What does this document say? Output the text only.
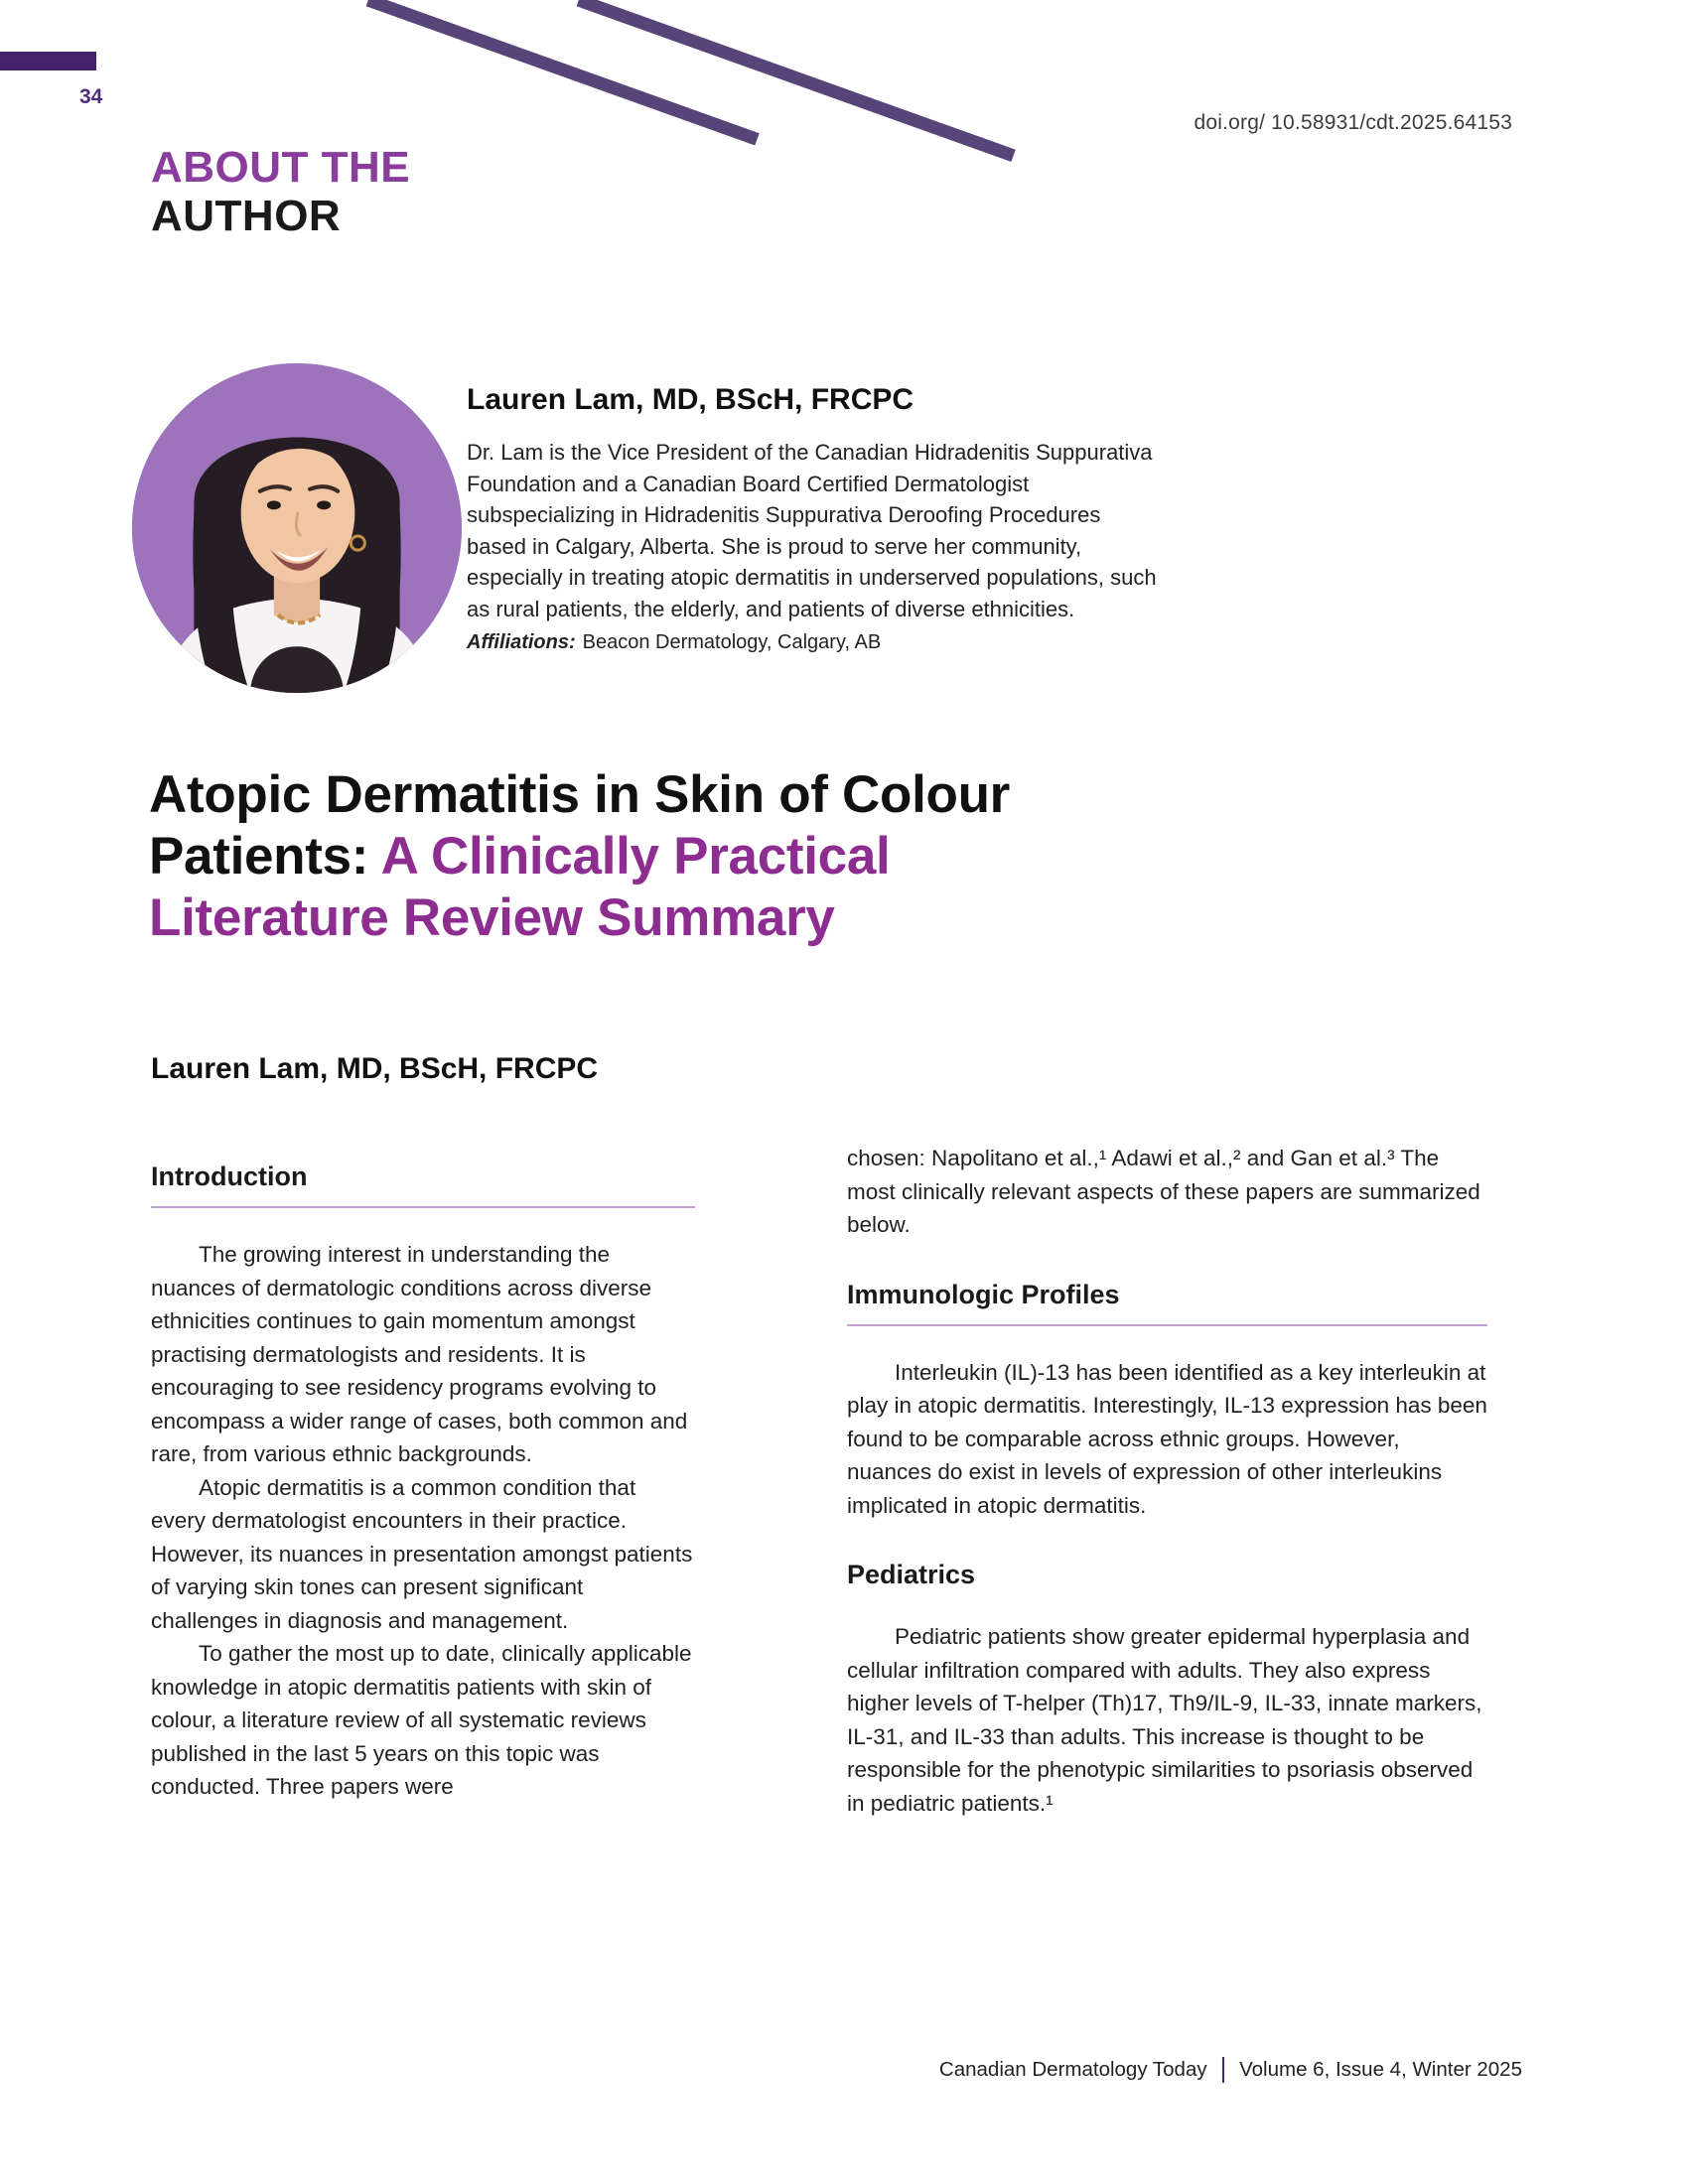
34
doi.org/ 10.58931/cdt.2025.64153
ABOUT THE
AUTHOR
Lauren Lam, MD, BScH, FRCPC

Dr. Lam is the Vice President of the Canadian Hidradenitis Suppurativa Foundation and a Canadian Board Certified Dermatologist subspecializing in Hidradenitis Suppurativa Deroofing Procedures based in Calgary, Alberta. She is proud to serve her community, especially in treating atopic dermatitis in underserved populations, such as rural patients, the elderly, and patients of diverse ethnicities.

Affiliations: Beacon Dermatology, Calgary, AB

Atopic Dermatitis in Skin of Colour
Patients: A Clinically Practical
Literature Review Summary
Lauren Lam, MD, BScH, FRCPC
Introduction

The growing interest in understanding the nuances of dermatologic conditions across diverse ethnicities continues to gain momentum amongst practising dermatologists and residents. It is encouraging to see residency programs evolving to encompass a wider range of cases, both common and rare, from various ethnic backgrounds.

Atopic dermatitis is a common condition that every dermatologist encounters in their practice. However, its nuances in presentation amongst patients of varying skin tones can present significant challenges in diagnosis and management.

To gather the most up to date, clinically applicable knowledge in atopic dermatitis patients with skin of colour, a literature review of all systematic reviews published in the last 5 years on this topic was conducted. Three papers were

chosen: Napolitano et al.,¹ Adawi et al.,² and Gan et al.³ The most clinically relevant aspects of these papers are summarized below.

Immunologic Profiles

Interleukin (IL)-13 has been identified as a key interleukin at play in atopic dermatitis. Interestingly, IL-13 expression has been found to be comparable across ethnic groups. However, nuances do exist in levels of expression of other interleukins implicated in atopic dermatitis.

Pediatrics

Pediatric patients show greater epidermal hyperplasia and cellular infiltration compared with adults. They also express higher levels of T-helper (Th)17, Th9/IL-9, IL-33, innate markers, IL-31, and IL-33 than adults. This increase is thought to be responsible for the phenotypic similarities to psoriasis observed in pediatric patients.¹

Canadian Dermatology Today Volume 6, Issue 4, Winter 2025
